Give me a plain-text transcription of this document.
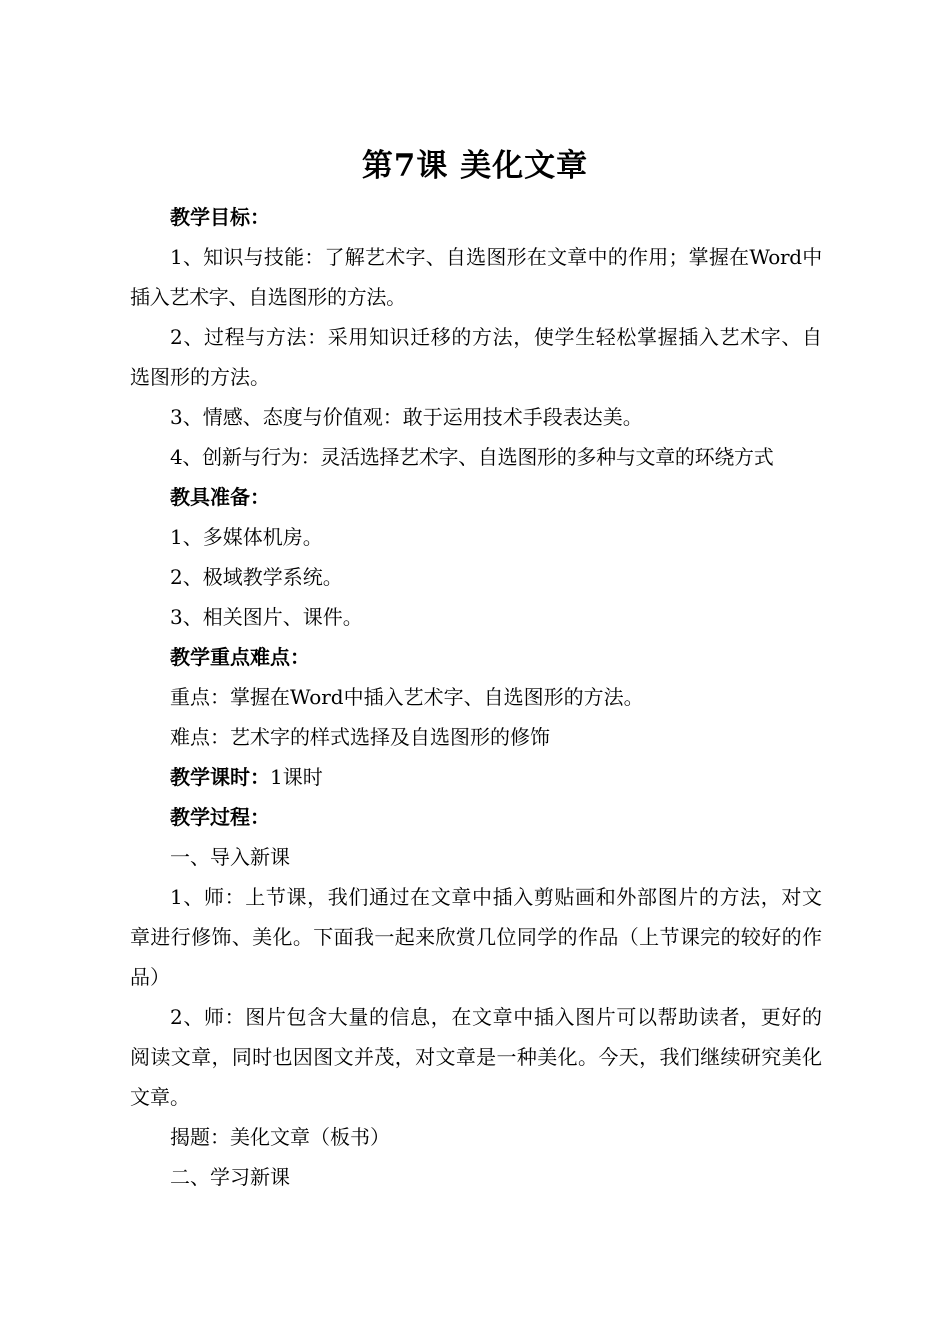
第7课 美化文章

教学目标：

1、知识与技能：了解艺术字、自选图形在文章中的作用；掌握在Word中插入艺术字、自选图形的方法。

2、过程与方法：采用知识迁移的方法，使学生轻松掌握插入艺术字、自选图形的方法。

3、情感、态度与价值观：敢于运用技术手段表达美。

4、创新与行为：灵活选择艺术字、自选图形的多种与文章的环绕方式

教具准备：

1、多媒体机房。

2、极域教学系统。

3、相关图片、课件。

教学重点难点：

重点：掌握在Word中插入艺术字、自选图形的方法。

难点：艺术字的样式选择及自选图形的修饰

教学课时：1课时

教学过程：

一、导入新课

1、师：上节课，我们通过在文章中插入剪贴画和外部图片的方法，对文章进行修饰、美化。下面我一起来欣赏几位同学的作品（上节课完的较好的作品）

2、师：图片包含大量的信息，在文章中插入图片可以帮助读者，更好的阅读文章，同时也因图文并茂，对文章是一种美化。今天，我们继续研究美化文章。

揭题：美化文章（板书）

二、学习新课
